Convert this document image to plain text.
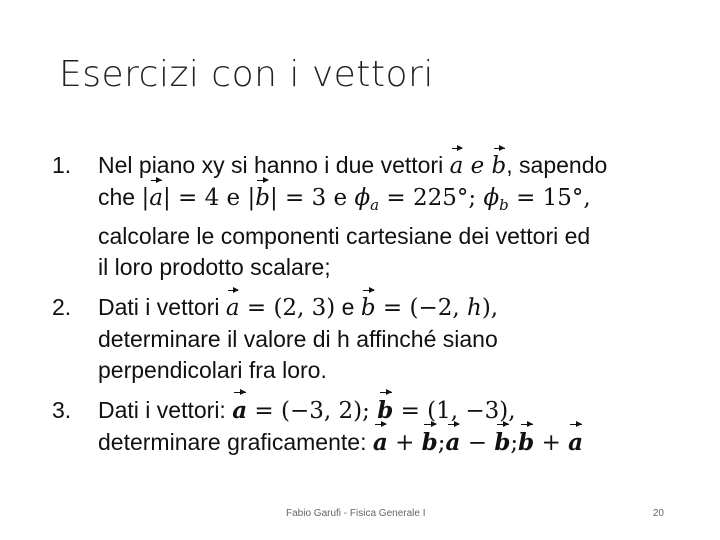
Esercizi con i vettori
1.	Nel piano xy si hanno i due vettori a e b, sapendo
che |a| = 4 e |b| = 3 e $\phi_a = 225^\circ$; $\phi_b = 15^\circ$,
calcolare le componenti cartesiane dei vettori ed
il loro prodotto scalare;
2.	Dati i vettori a = (2, 3) e b = (−2, h),
determinare il valore di h affinché siano
perpendicolari fra loro.
3.	Dati i vettori: a = (−3, 2); b = (1, −3),
determinare graficamente: a + b;a − b;b + a
Fabio Garufi - Fisica Generale I	20
